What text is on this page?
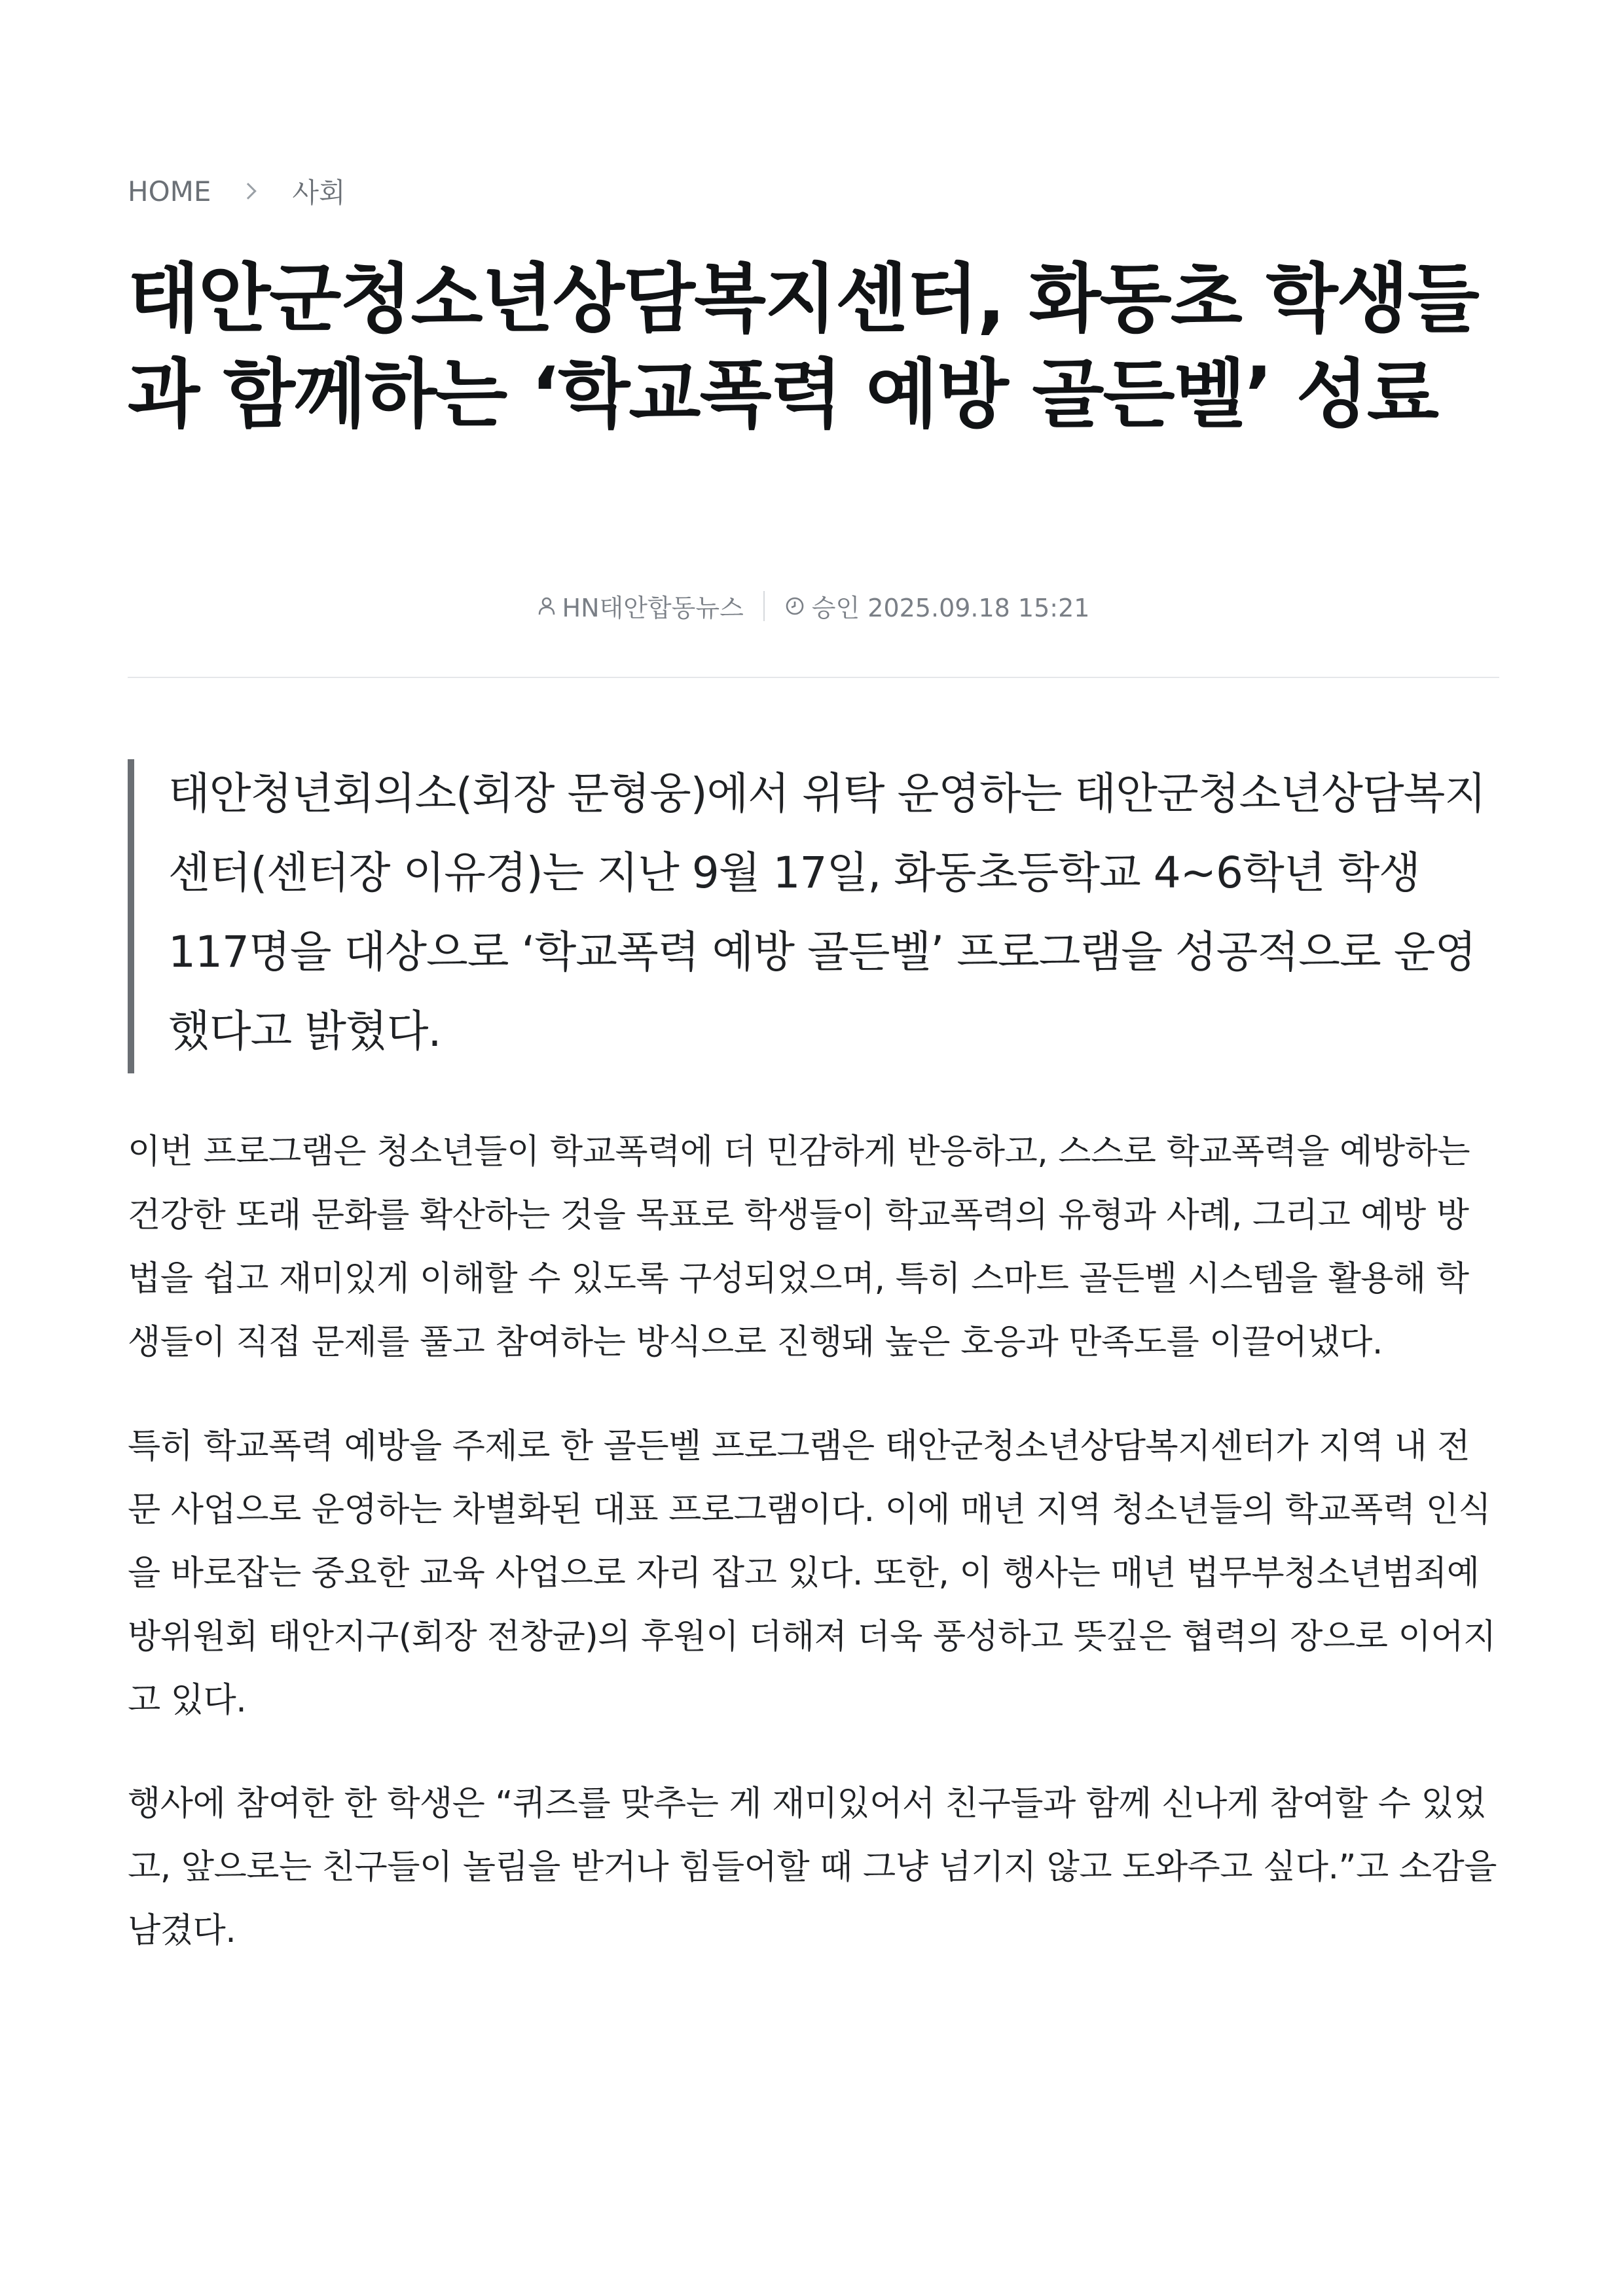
HOME	사회
태안군청소년상담복지센터, 화동초 학생들과 함께하는 ‘학교폭력 예방 골든벨’ 성료
HN태안합동뉴스	승인 2025.09.18 15:21

태안청년회의소(회장 문형웅)에서 위탁 운영하는 태안군청소년상담복지센터(센터장 이유경)는 지난 9월 17일, 화동초등학교 4~6학년 학생 117명을 대상으로 ‘학교폭력 예방 골든벨’ 프로그램을 성공적으로 운영했다고 밝혔다.

이번 프로그램은 청소년들이 학교폭력에 더 민감하게 반응하고, 스스로 학교폭력을 예방하는 건강한 또래 문화를 확산하는 것을 목표로 학생들이 학교폭력의 유형과 사례, 그리고 예방 방법을 쉽고 재미있게 이해할 수 있도록 구성되었으며, 특히 스마트 골든벨 시스템을 활용해 학생들이 직접 문제를 풀고 참여하는 방식으로 진행돼 높은 호응과 만족도를 이끌어냈다.

특히 학교폭력 예방을 주제로 한 골든벨 프로그램은 태안군청소년상담복지센터가 지역 내 전문 사업으로 운영하는 차별화된 대표 프로그램이다. 이에 매년 지역 청소년들의 학교폭력 인식을 바로잡는 중요한 교육 사업으로 자리 잡고 있다. 또한, 이 행사는 매년 법무부청소년범죄예방위원회 태안지구(회장 전창균)의 후원이 더해져 더욱 풍성하고 뜻깊은 협력의 장으로 이어지고 있다.

행사에 참여한 한 학생은 “퀴즈를 맞추는 게 재미있어서 친구들과 함께 신나게 참여할 수 있었고, 앞으로는 친구들이 놀림을 받거나 힘들어할 때 그냥 넘기지 않고 도와주고 싶다.”고 소감을 남겼다.
